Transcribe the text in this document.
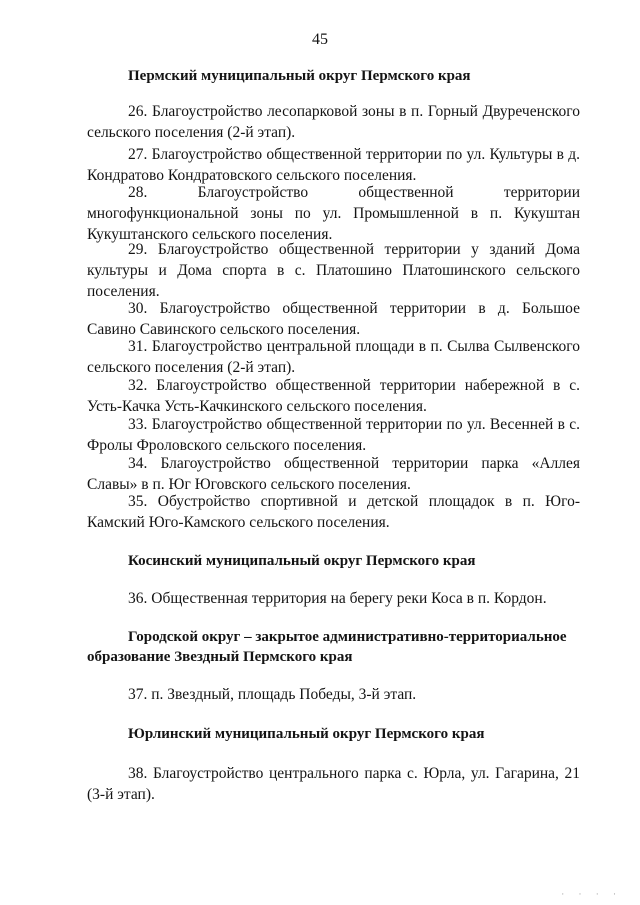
45
Пермский муниципальный округ Пермского края

26. Благоустройство лесопарковой зоны в п. Горный Двуреченского сельского поселения (2-й этап).

27. Благоустройство общественной территории по ул. Культуры в д. Кондратово Кондратовского сельского поселения.

28. Благоустройство общественной территории многофункциональной зоны по ул. Промышленной в п. Кукуштан Кукуштанского сельского поселения.

29. Благоустройство общественной территории у зданий Дома культуры и Дома спорта в с. Платошино Платошинского сельского поселения.

30. Благоустройство общественной территории в д. Большое Савино Савинского сельского поселения.

31. Благоустройство центральной площади в п. Сылва Сылвенского сельского поселения (2-й этап).

32. Благоустройство общественной территории набережной в с. Усть-Качка Усть-Качкинского сельского поселения.

33. Благоустройство общественной территории по ул. Весенней в с. Фролы Фроловского сельского поселения.

34. Благоустройство общественной территории парка «Аллея Славы» в п. Юг Юговского сельского поселения.

35. Обустройство спортивной и детской площадок в п. Юго-Камский Юго-Камского сельского поселения.

Косинский муниципальный округ Пермского края

36. Общественная территория на берегу реки Коса в п. Кордон.

Городской округ – закрытое административно-территориальное образование Звездный Пермского края

37. п. Звездный, площадь Победы, 3-й этап.

Юрлинский муниципальный округ Пермского края

38. Благоустройство центрального парка с. Юрла, ул. Гагарина, 21 (3-й этап).

· · · ·
